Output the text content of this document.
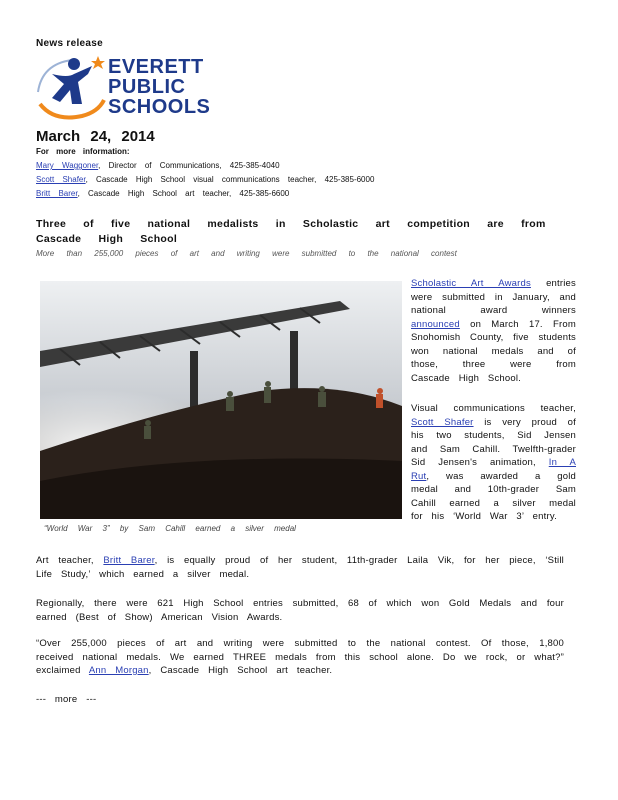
News release
EVERETT
PUBLIC
SCHOOLS
March 24, 2014
For more information:
Mary Waggoner, Director of Communications, 425-385-4040
Scott Shafer, Cascade High School visual communications teacher, 425-385-6000
Britt Barer, Cascade High School art teacher, 425-385-6600
Three of five national medalists in Scholastic art competition are from Cascade High School
More than 255,000 pieces of art and writing were submitted to the national contest
“World War 3” by Sam Cahill earned a silver medal
Scholastic Art Awards entries were submitted in January, and national award winners announced on March 17. From Snohomish County, five students won national medals and of those, three were from Cascade High School.
Visual communications teacher, Scott Shafer is very proud of his two students, Sid Jensen and Sam Cahill. Twelfth-grader Sid Jensen's animation, In A Rut, was awarded a gold medal and 10th-grader Sam Cahill earned a silver medal for his ‘World War 3’ entry.
Art teacher, Britt Barer, is equally proud of her student, 11th-grader Laila Vik, for her piece, ‘Still Life Study,’ which earned a silver medal.
Regionally, there were 621 High School entries submitted, 68 of which won Gold Medals and four earned (Best of Show) American Vision Awards.
“Over 255,000 pieces of art and writing were submitted to the national contest. Of those, 1,800 received national medals. We earned THREE medals from this school alone. Do we rock, or what?” exclaimed Ann Morgan, Cascade High School art teacher.
--- more ---
